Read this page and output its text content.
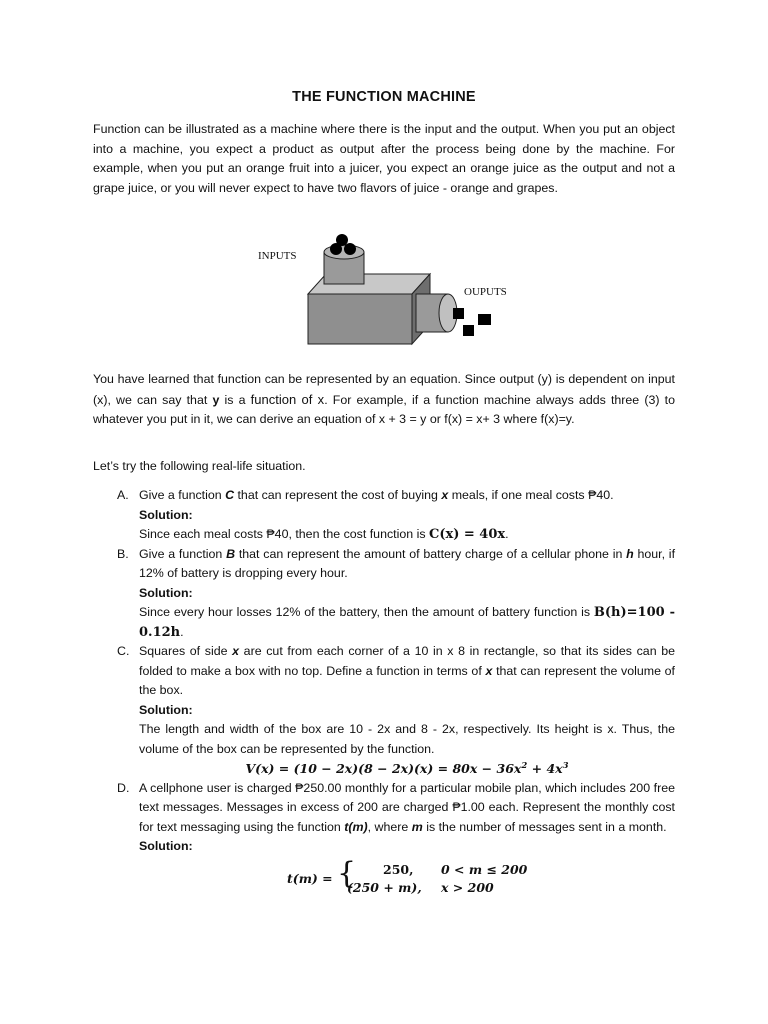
THE FUNCTION MACHINE
Function can be illustrated as a machine where there is the input and the output. When you put an object into a machine, you expect a product as output after the process being done by the machine. For example, when you put an orange fruit into a juicer, you expect an orange juice as the output and not a grape juice, or you will never expect to have two flavors of juice - orange and grapes.
INPUTS
OUPUTS
You have learned that function can be represented by an equation. Since output (y) is dependent on input (x), we can say that y is a function of x. For example, if a function machine always adds three (3) to whatever you put in it, we can derive an equation of x + 3 = y or f(x) = x+ 3 where f(x)=y.
Let’s try the following real-life situation.
A. Give a function C that can represent the cost of buying x meals, if one meal costs ₱40.

Solution:

Since each meal costs ₱40, then the cost function is C(x) = 40x.

B. Give a function B that can represent the amount of battery charge of a cellular phone in h hour, if 12% of battery is dropping every hour.

Solution:

Since every hour losses 12% of the battery, then the amount of battery function is B(h)=100 - 0.12h.

C. Squares of side x are cut from each corner of a 10 in x 8 in rectangle, so that its sides can be folded to make a box with no top. Define a function in terms of x that can represent the volume of the box.

Solution:

The length and width of the box are 10 - 2x and 8 - 2x, respectively. Its height is x. Thus, the volume of the box can be represented by the function.

$V(x) = (10 - 2x)(8 - 2x)(x) = 80x - 36x^2 + 4x^3$

D. A cellphone user is charged ₱250.00 monthly for a particular mobile plan, which includes 200 free text messages. Messages in excess of 200 are charged ₱1.00 each. Represent the monthly cost for text messaging using the function t(m), where m is the number of messages sent in a month.

Solution:

t(m) = { 250, 0 < m ≤ 200
(250 + m), x > 200
